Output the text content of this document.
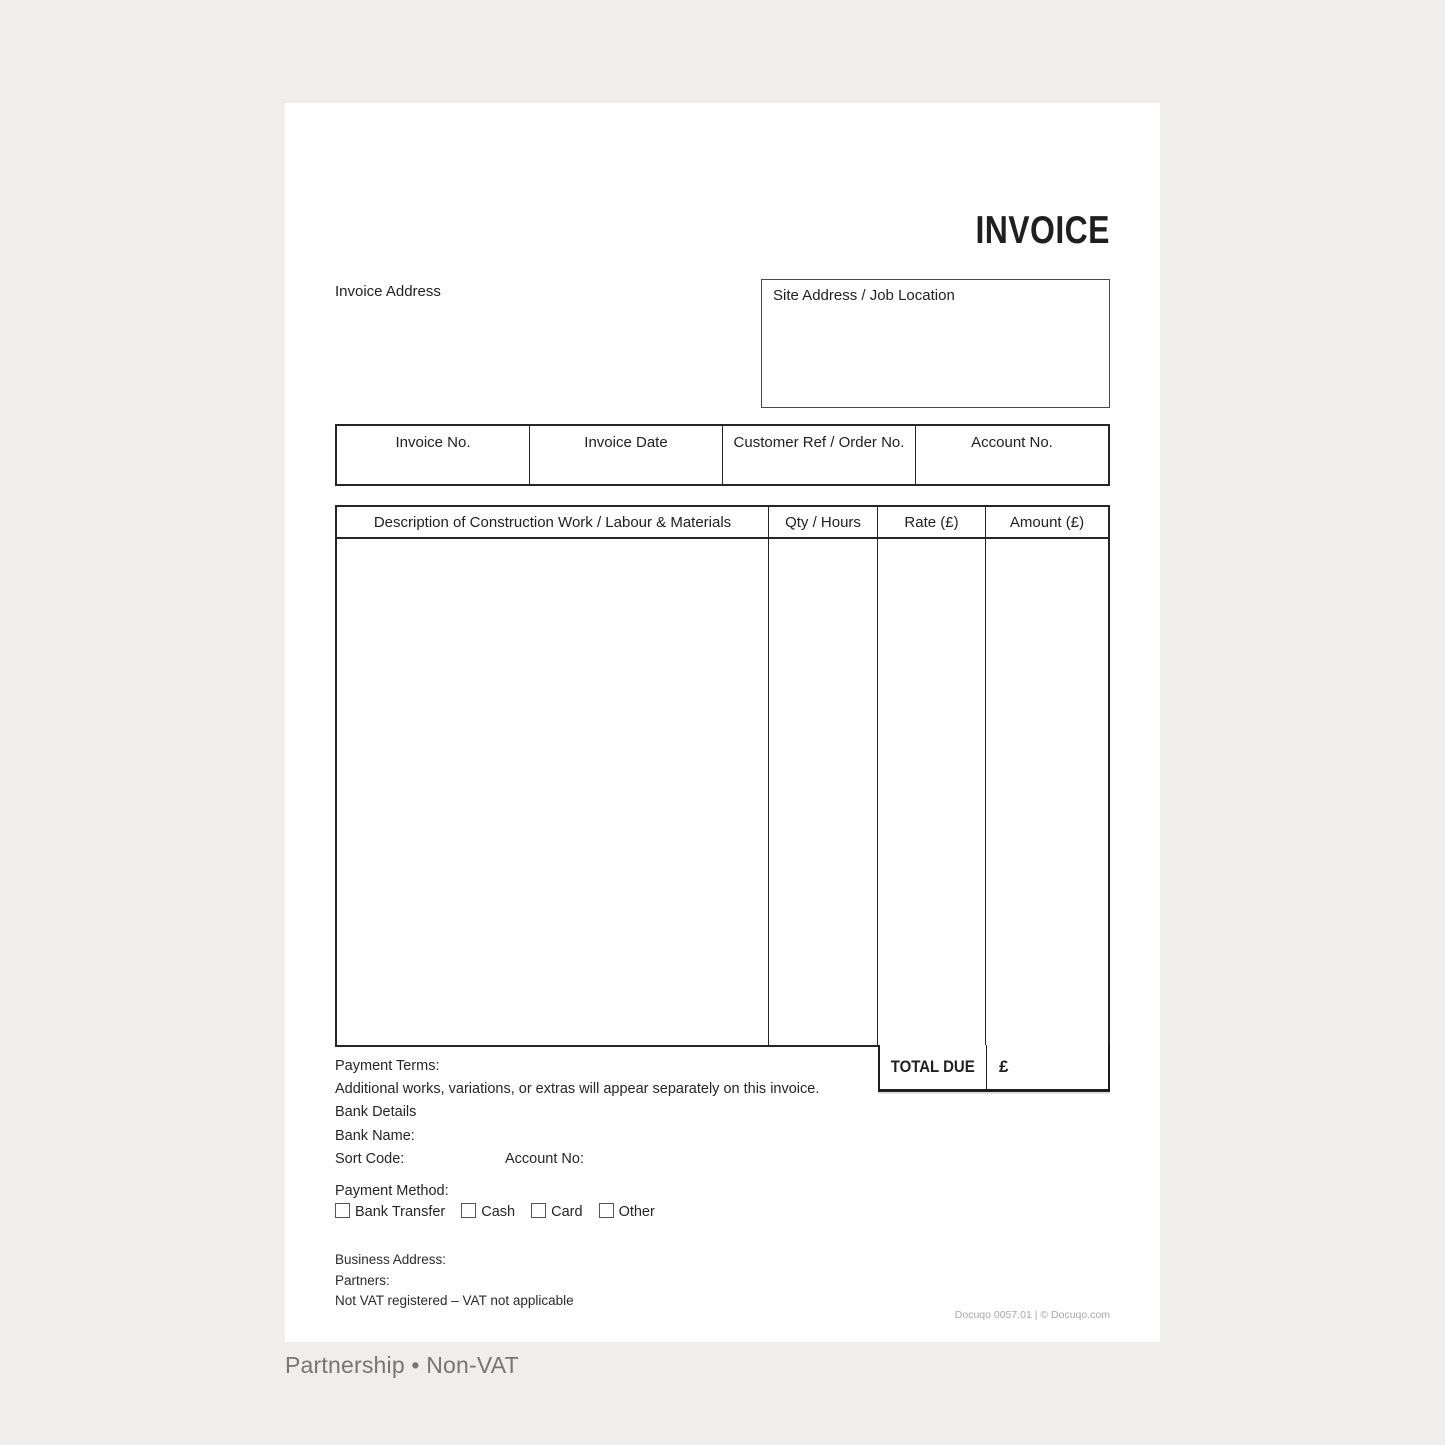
INVOICE
Invoice Address	Site Address / Job Location
Invoice No.	Invoice Date	Customer Ref / Order No.	Account No.
Description of Construction Work / Labour & Materials	Qty / Hours	Rate (£)	Amount (£)
TOTAL DUE £
Payment Terms:
Additional works, variations, or extras will appear separately on this invoice.
Bank Details
Bank Name:
Sort Code:	Account No:
Payment Method:
Bank Transfer Cash Card Other
Business Address:
Partners:
Not VAT registered – VAT not applicable
Docuqo 0057.01 | © Docuqo.com
Partnership • Non-VAT
